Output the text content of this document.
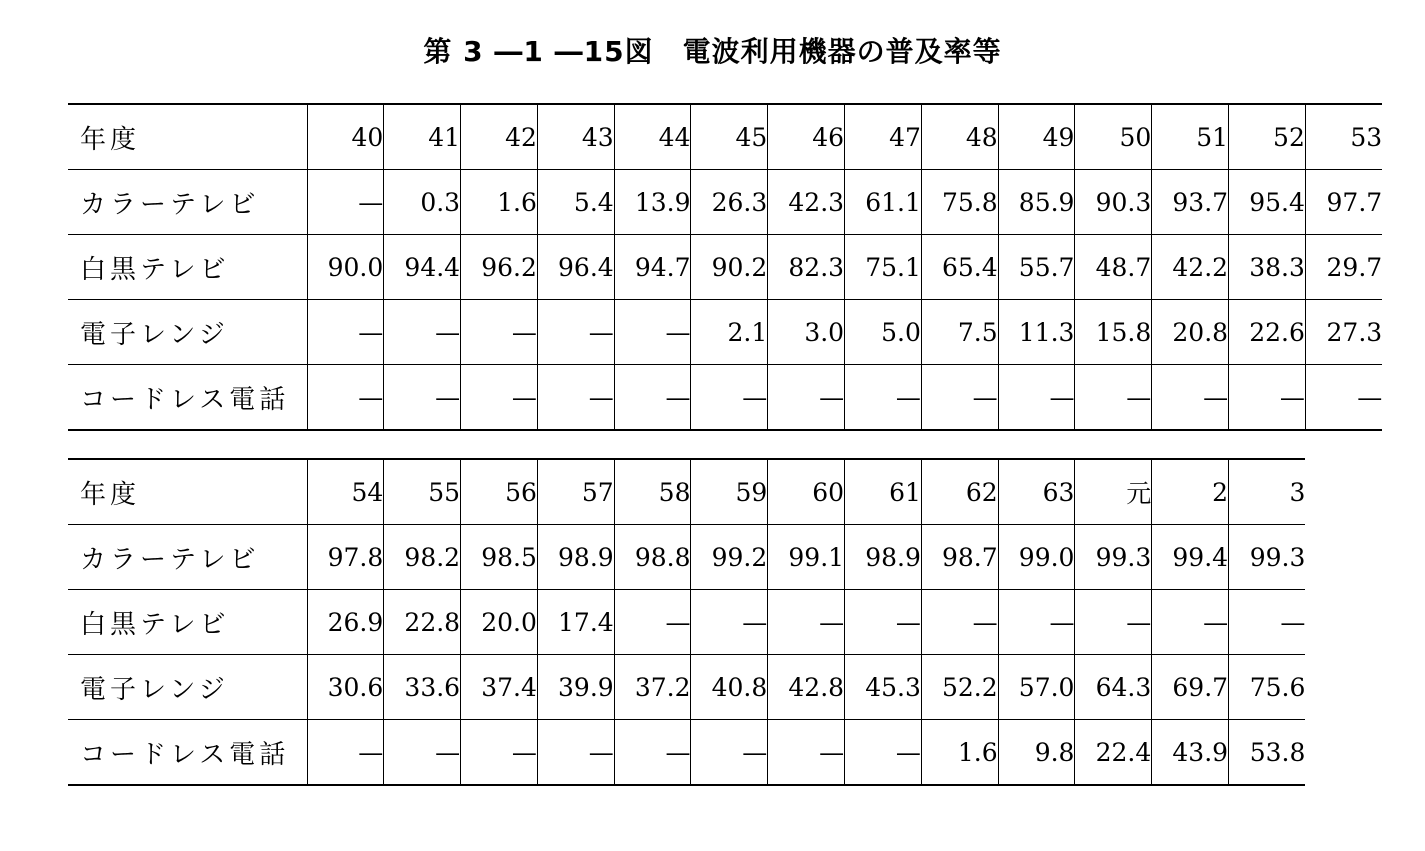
第 3 ―1 ―15図　電波利用機器の普及率等
年度	40	41	42	43	44	45	46	47	48	49	50	51	52	53
カラーテレビ	—	0.3	1.6	5.4	13.9	26.3	42.3	61.1	75.8	85.9	90.3	93.7	95.4	97.7
白黒テレビ	90.0	94.4	96.2	96.4	94.7	90.2	82.3	75.1	65.4	55.7	48.7	42.2	38.3	29.7
電子レンジ	—	—	—	—	—	2.1	3.0	5.0	7.5	11.3	15.8	20.8	22.6	27.3
コードレス電話	—	—	—	—	—	—	—	—	—	—	—	—	—	—
年度	54	55	56	57	58	59	60	61	62	63	元	2	3
カラーテレビ	97.8	98.2	98.5	98.9	98.8	99.2	99.1	98.9	98.7	99.0	99.3	99.4	99.3
白黒テレビ	26.9	22.8	20.0	17.4	—	—	—	—	—	—	—	—	—
電子レンジ	30.6	33.6	37.4	39.9	37.2	40.8	42.8	45.3	52.2	57.0	64.3	69.7	75.6
コードレス電話	—	—	—	—	—	—	—	—	1.6	9.8	22.4	43.9	53.8
